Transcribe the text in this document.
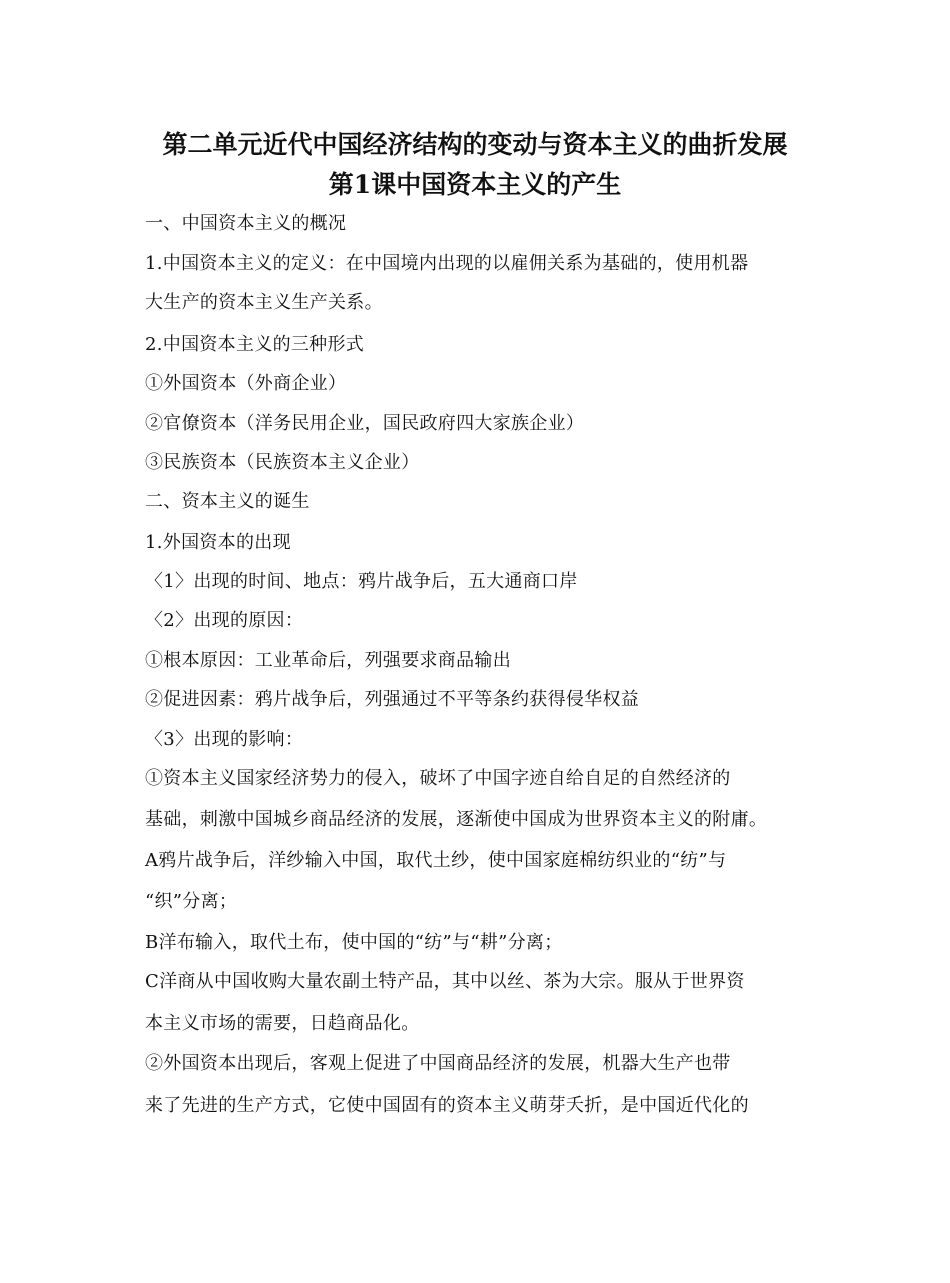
第二单元近代中国经济结构的变动与资本主义的曲折发展
第1课中国资本主义的产生
一、中国资本主义的概况
1.中国资本主义的定义：在中国境内出现的以雇佣关系为基础的，使用机器
大生产的资本主义生产关系。
2.中国资本主义的三种形式
①外国资本（外商企业）
②官僚资本（洋务民用企业，国民政府四大家族企业）
③民族资本（民族资本主义企业）
二、资本主义的诞生
1.外国资本的出现
〈1〉出现的时间、地点：鸦片战争后，五大通商口岸
〈2〉出现的原因：
①根本原因：工业革命后，列强要求商品输出
②促进因素：鸦片战争后，列强通过不平等条约获得侵华权益
〈3〉出现的影响：
①资本主义国家经济势力的侵入，破坏了中国字迹自给自足的自然经济的
基础，刺激中国城乡商品经济的发展，逐渐使中国成为世界资本主义的附庸。
A鸦片战争后，洋纱输入中国，取代土纱，使中国家庭棉纺织业的“纺”与
“织”分离；
B洋布输入，取代土布，使中国的“纺”与“耕”分离；
C洋商从中国收购大量农副土特产品，其中以丝、茶为大宗。服从于世界资
本主义市场的需要，日趋商品化。
②外国资本出现后，客观上促进了中国商品经济的发展，机器大生产也带
来了先进的生产方式，它使中国固有的资本主义萌芽夭折，是中国近代化的
